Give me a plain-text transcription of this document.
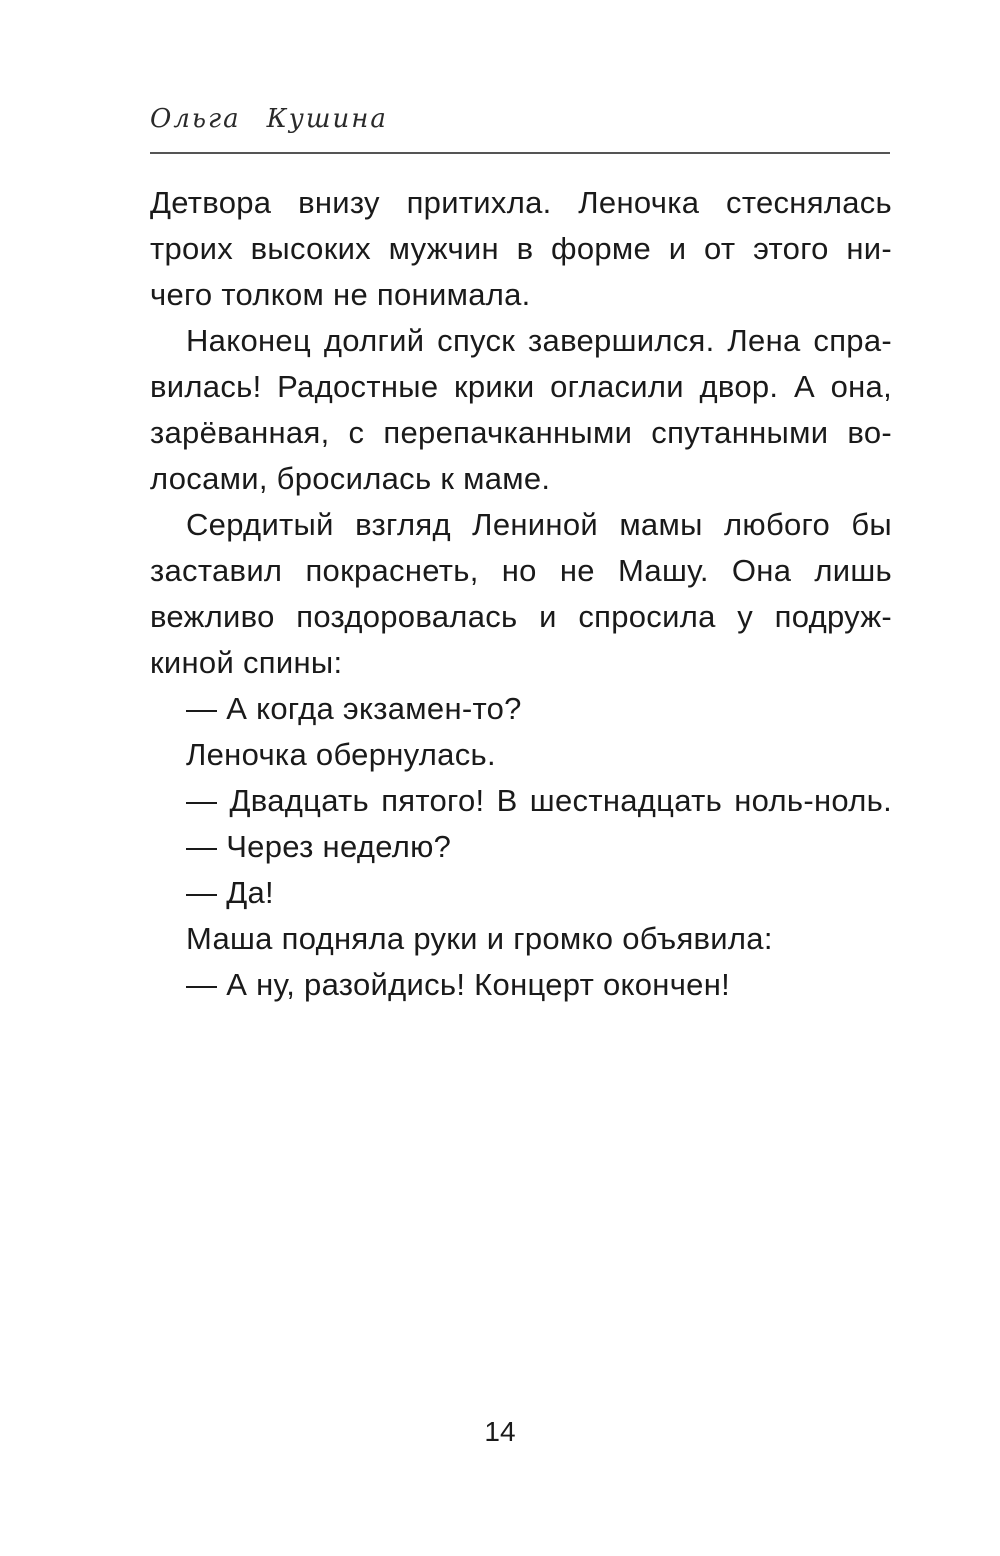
Ольга Кушина
Детвора внизу притихла. Леночка стеснялась
троих высоких мужчин в форме и от этого ни-
чего толком не понимала.
Наконец долгий спуск завершился. Лена спра-
вилась! Радостные крики огласили двор. А она,
зарёванная, с перепачканными спутанными во-
лосами, бросилась к маме.
Сердитый взгляд Лениной мамы любого бы
заставил покраснеть, но не Машу. Она лишь
вежливо поздоровалась и спросила у подруж-
киной спины:
— А когда экзамен-то?
Леночка обернулась.
— Двадцать пятого! В шестнадцать ноль-ноль.
— Через неделю?
— Да!
Маша подняла руки и громко объявила:
— А ну, разойдись! Концерт окончен!
14
